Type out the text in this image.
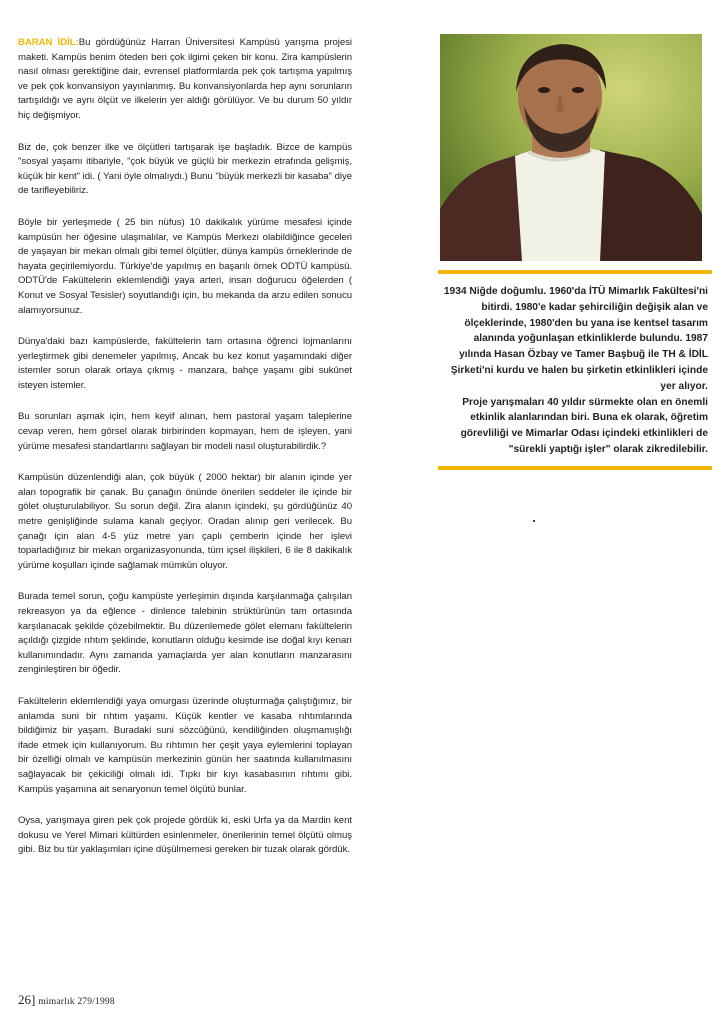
BARAN İDİL:Bu gördüğünüz Harran Üniversitesi Kampüsü yarışma projesi maketi. Kampüs benim öteden beri çok ilgimi çeken bir konu. Zira kampüslerin nasıl olması gerektiğine dair, evrensel platformlarda pek çok tartışma yapılmış ve pek çok konvansiyon yayınlanmış. Bu konvansiyonlarda hep aynı sorunların tartışıldığı ve aynı ölçüt ve ilkelerin yer aldığı görülüyor. Ve bu durum 50 yıldır hiç değişmiyor.

Biz de, çok benzer ilke ve ölçütleri tartışarak işe başladık. Bizce de kampüs "sosyal yaşamı itibariyle, "çok büyük ve güçlü bir merkezin etrafında gelişmiş, küçük bir kent" idi. ( Yani öyle olmalıydı.) Bunu "büyük merkezli bir kasaba" diye de tarifleyebiliriz.

Böyle bir yerleşmede ( 25 bin nüfus) 10 dakikalık yürüme mesafesi içinde kampüsün her öğesine ulaşmalılar, ve Kampüs Merkezi olabildiğince geceleri de yaşayan bir mekan olmalı gibi temel ölçütler, dünya kampüs örneklerinde de hayata geçirilemiyordu. Türkiye'de yapılmış en başarılı örnek ODTÜ kampüsü. ODTÜ'de Fakültelerin eklemlendiği yaya arteri, insan doğurucu öğelerden ( Konut ve Sosyal Tesisler) soyutlandığı için, bu mekanda da arzu edilen sonucu alamıyorsunuz.

Dünya'daki bazı kampüslerde, fakültelerin tam ortasına öğrenci lojmanlarını yerleştirmek gibi denemeler yapılmış, Ancak bu kez konut yaşamındaki diğer istemler sorun olarak ortaya çıkmış - manzara, bahçe yaşamı gibi sukûnet isteyen istemler.

Bu sorunları aşmak için, hem keyif alınan, hem pastoral yaşam taleplerine cevap veren, hem görsel olarak birbirinden kopmayan, hem de işleyen, yani yürüme mesafesi standartlarını sağlayan bir modeli nasıl oluşturabilirdik.?

Kampüsün düzenlendiği alan, çok büyük ( 2000 hektar) bir alanın içinde yer alan topografik bir çanak. Bu çanağın önünde önerilen seddeler ile içinde bir gölet oluşturulabiliyor. Su sorun değil. Zira alanın içindeki, şu gördüğünüz 40 metre genişliğinde sulama kanalı geçiyor. Oradan alınıp geri verilecek. Bu çanağı için alan 4-5 yüz metre yarı çaplı çemberin içinde her işlevi toparladığınız bir mekan organizasyonunda, tüm içsel ilişkileri, 6 ile 8 dakikalık yürüme koşulları içinde sağlamak mümkün oluyor.

Burada temel sorun, çoğu kampüste yerleşimin dışında karşılanmağa çalışılan rekreasyon ya da eğlence - dinlence talebinin strüktürünün tam ortasında karşılanacak şekilde çözebilmektir. Bu düzenlemede gölet elemanı fakültelerin açıldığı çizgide rıhtım şeklinde, konutların olduğu kesimde ise doğal kıyı kenarı kullanımındadır. Aynı zamanda yamaçlarda yer alan konutların manzarasını zenginleştiren bir öğedir.

Fakültelerin eklemlendiği yaya omurgası üzerinde oluşturmağa çalıştığımız, bir anlamda suni bir rıhtım yaşamı. Küçük kentler ve kasaba rıhtımlarında bildiğimiz bir yaşam. Buradaki suni sözcüğünü, kendiliğinden oluşmamışlığı ifade etmek için kullanıyorum. Bu rıhtımın her çeşit yaya eylemlerini toplayan bir özelliği olmalı ve kampüsün merkezinin günün her saatında kullanılmasını sağlayacak bir çekiciliği olmalı idi. Tıpkı bir kıyı kasabasının rıhtımı gibi. Kampüs yaşamına ait senaryonun temel ölçütü bunlar.

Oysa, yarışmaya giren pek çok projede gördük ki, eski Urfa ya da Mardin kent dokusu ve Yerel Mimari kültürden esinlenmeler, önerilerinin temel ölçütü olmuş gibi. Biz bu tür yaklaşımları içine düşülmemesi gereken bir tuzak olarak gördük.

1934 Niğde doğumlu. 1960'da İTÜ Mimarlık Fakültesi'ni bitirdi. 1980'e kadar şehirciliğin değişik alan ve ölçeklerinde, 1980'den bu yana ise kentsel tasarım alanında yoğunlaşan etkinliklerde bulundu. 1987 yılında Hasan Özbay ve Tamer Başbuğ ile TH & İDİL Şirketi'ni kurdu ve halen bu şirketin etkinlikleri içinde yer alıyor.

Proje yarışmaları 40 yıldır sürmekte olan en önemli etkinlik alanlarından biri. Buna ek olarak, öğretim görevliliği ve Mimarlar Odası içindeki etkinlikleri de "sürekli yaptığı işler" olarak zikredilebilir.

26] mimarlık 279/1998
